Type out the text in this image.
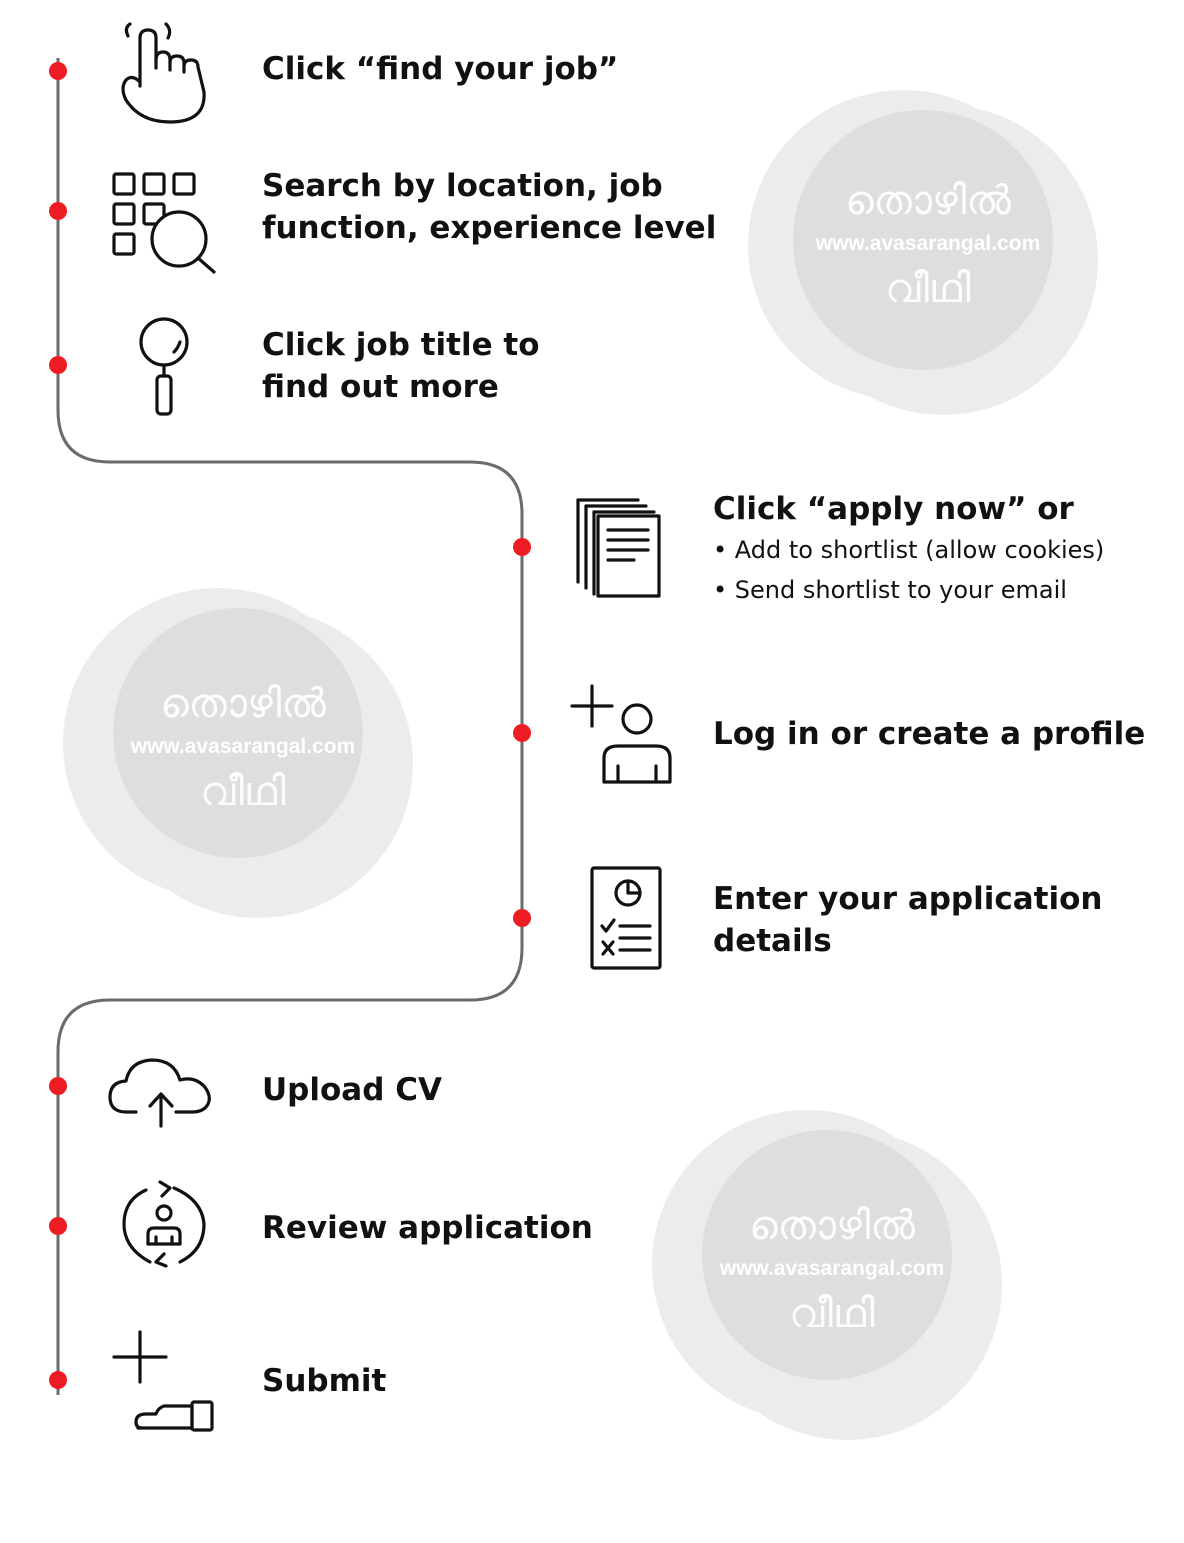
തൊഴിൽ
www.avasarangal.com
വീഥി
തൊഴിൽ
www.avasarangal.com
വീഥി
തൊഴിൽ
www.avasarangal.com
വീഥി
Click “find your job”
Search by location, job
function, experience level
Click job title to
find out more
Click “apply now” or
• Add to shortlist (allow cookies)
• Send shortlist to your email
Log in or create a profile
Enter your application
details
Upload CV
Review application
Submit
